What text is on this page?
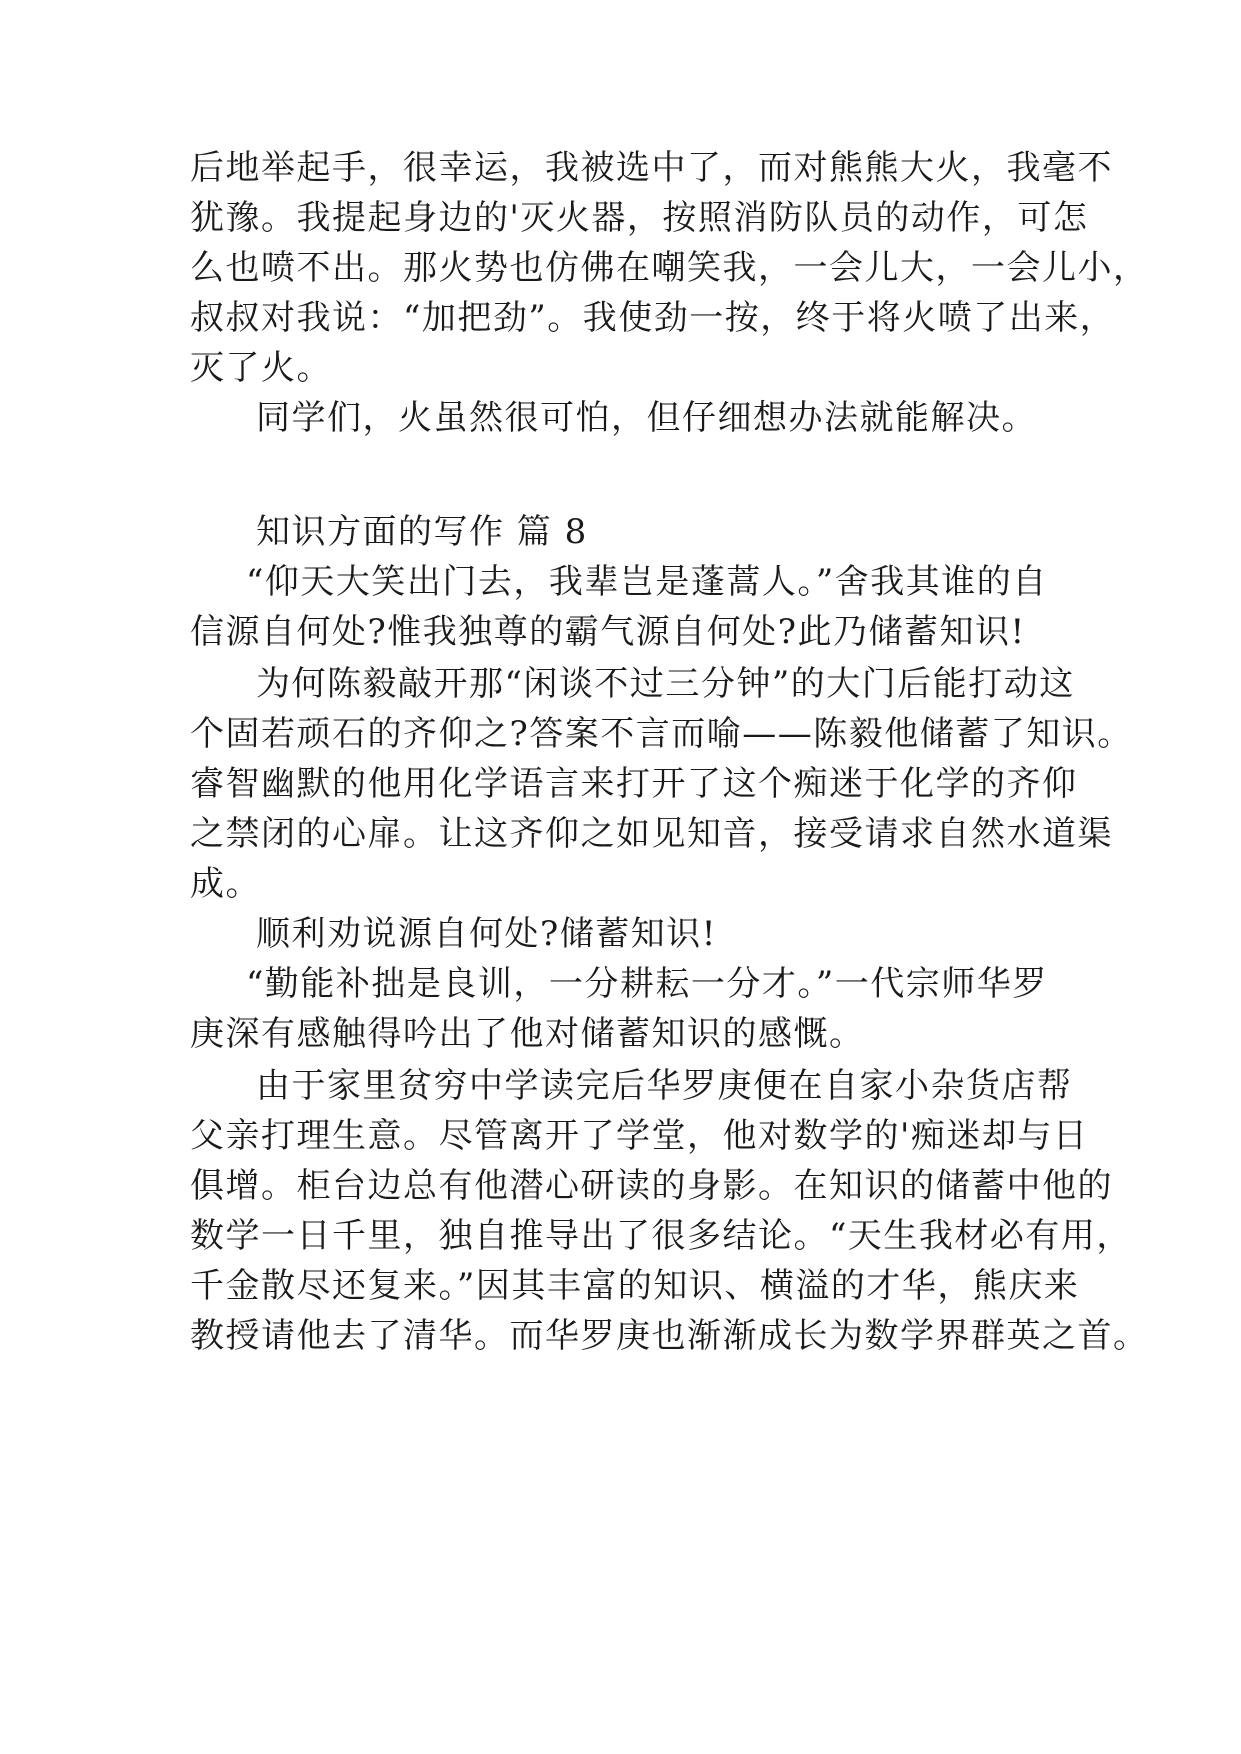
后地举起手，很幸运，我被选中了，而对熊熊大火，我毫不
犹豫。我提起身边的'灭火器，按照消防队员的动作，可怎
么也喷不出。那火势也仿佛在嘲笑我，一会儿大，一会儿小，
叔叔对我说：“加把劲”。我使劲一按，终于将火喷了出来，
灭了火。
同学们，火虽然很可怕，但仔细想办法就能解决。
知识方面的写作 篇 8
“仰天大笑出门去，我辈岂是蓬蒿人。”舍我其谁的自
信源自何处?惟我独尊的霸气源自何处?此乃储蓄知识!
为何陈毅敲开那“闲谈不过三分钟”的大门后能打动这
个固若顽石的齐仰之?答案不言而喻——陈毅他储蓄了知识。
睿智幽默的他用化学语言来打开了这个痴迷于化学的齐仰
之禁闭的心扉。让这齐仰之如见知音，接受请求自然水道渠
成。
顺利劝说源自何处?储蓄知识!
“勤能补拙是良训，一分耕耘一分才。”一代宗师华罗
庚深有感触得吟出了他对储蓄知识的感慨。
由于家里贫穷中学读完后华罗庚便在自家小杂货店帮
父亲打理生意。尽管离开了学堂，他对数学的'痴迷却与日
俱增。柜台边总有他潜心研读的身影。在知识的储蓄中他的
数学一日千里，独自推导出了很多结论。“天生我材必有用，
千金散尽还复来。”因其丰富的知识、横溢的才华，熊庆来
教授请他去了清华。而华罗庚也渐渐成长为数学界群英之首。
